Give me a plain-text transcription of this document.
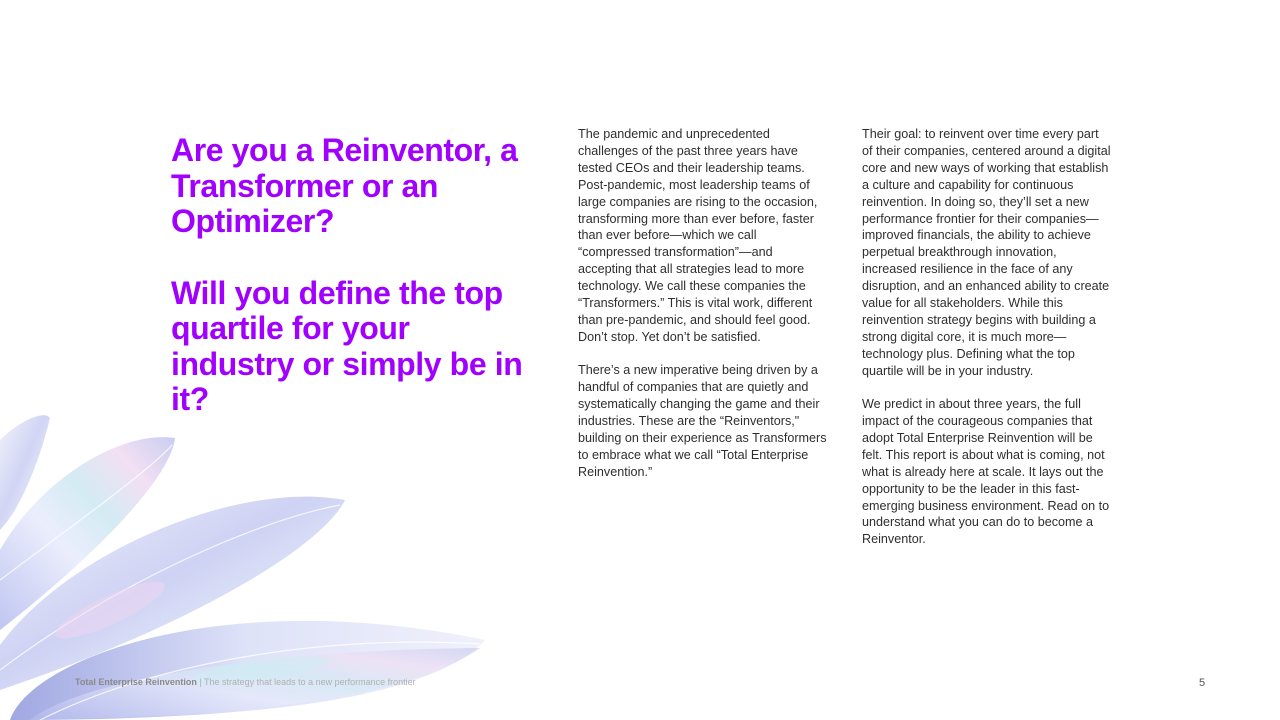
Are you a Reinventor, a Transformer or an Optimizer?
Will you define the top quartile for your industry or simply be in it?

The pandemic and unprecedented challenges of the past three years have tested CEOs and their leadership teams. Post-pandemic, most leadership teams of large companies are rising to the occasion, transforming more than ever before, faster than ever before—which we call “compressed transformation”—and accepting that all strategies lead to more technology. We call these companies the “Transformers.” This is vital work, different than pre-pandemic, and should feel good. Don’t stop. Yet don’t be satisfied.

There’s a new imperative being driven by a handful of companies that are quietly and systematically changing the game and their industries. These are the “Reinventors," building on their experience as Transformers to embrace what we call “Total Enterprise Reinvention.”

Their goal: to reinvent over time every part of their companies, centered around a digital core and new ways of working that establish a culture and capability for continuous reinvention. In doing so, they’ll set a new performance frontier for their companies—improved financials, the ability to achieve perpetual breakthrough innovation, increased resilience in the face of any disruption, and an enhanced ability to create value for all stakeholders. While this reinvention strategy begins with building a strong digital core, it is much more—technology plus. Defining what the top quartile will be in your industry.

We predict in about three years, the full impact of the courageous companies that adopt Total Enterprise Reinvention will be felt. This report is about what is coming, not what is already here at scale. It lays out the opportunity to be the leader in this fast-emerging business environment. Read on to understand what you can do to become a Reinventor.

Total Enterprise Reinvention | The strategy that leads to a new performance frontier	5
